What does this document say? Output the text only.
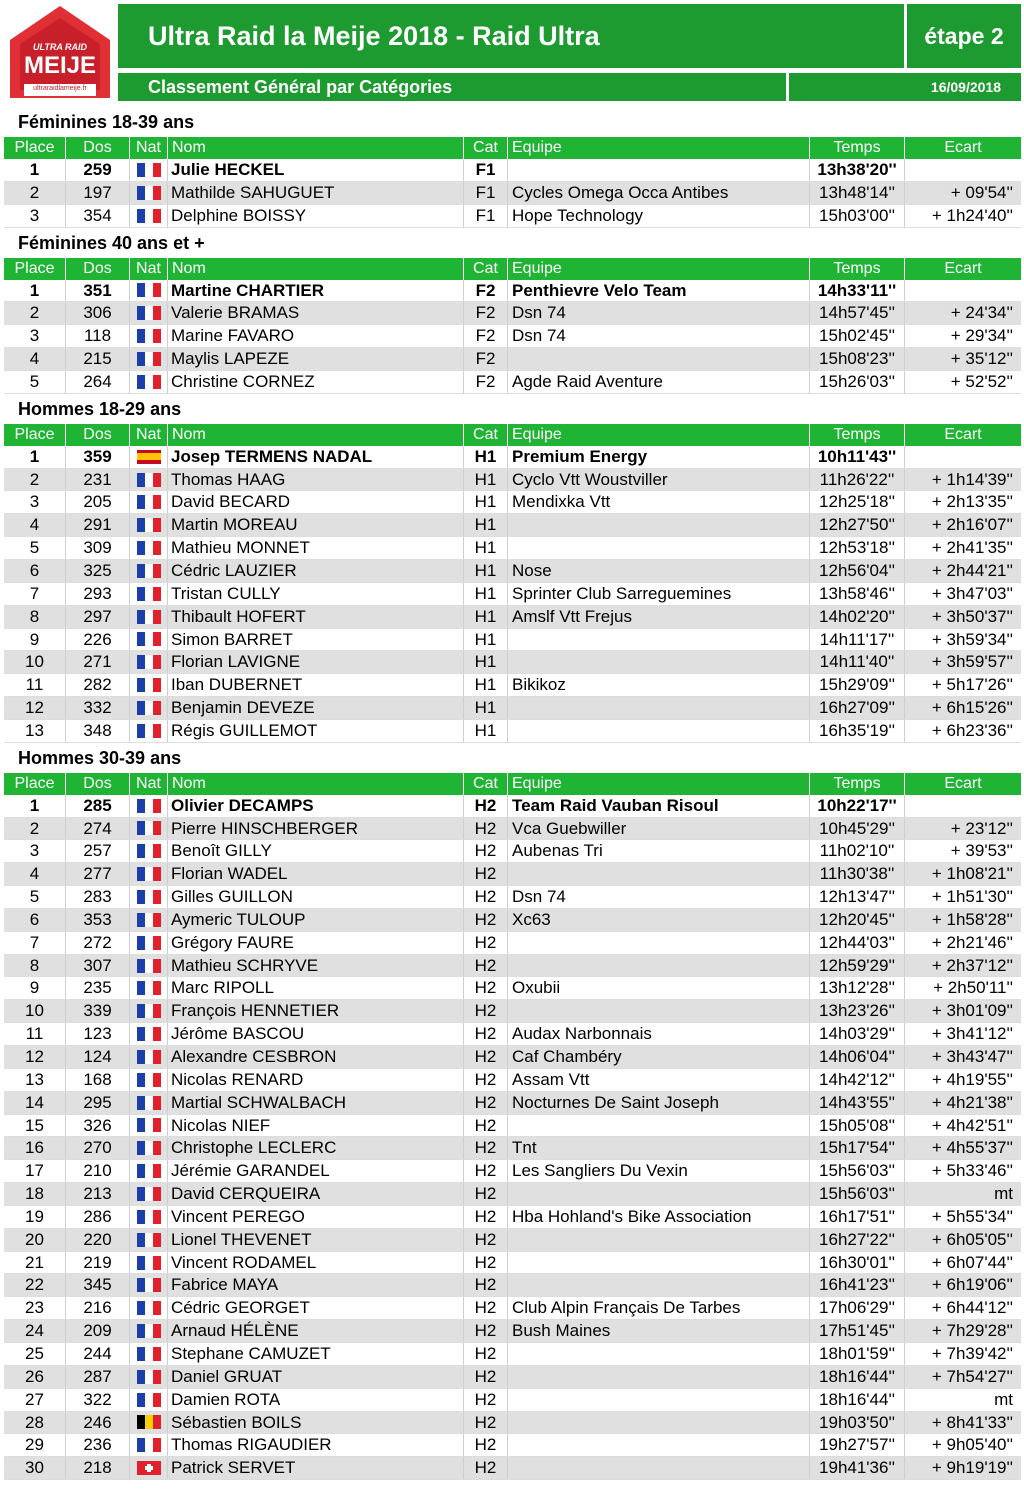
ULTRA RAID
MEIJE
ultraraidlameije.fr
Ultra Raid la Meije 2018 - Raid Ultra	étape 2
Classement Général par Catégories	16/09/2018
Féminines 18-39 ans
Place	Dos	Nat Nom	Cat Equipe	Temps	Ecart
1	259	Julie HECKEL	F1	13h38'20''
2	197	Mathilde SAHUGUET	F1 Cycles Omega Occa Antibes	13h48'14''	+ 09'54''
3	354	Delphine BOISSY	F1 Hope Technology	15h03'00''	+ 1h24'40''
Féminines 40 ans et +
Place	Dos	Nat Nom	Cat Equipe	Temps	Ecart
1	351	Martine CHARTIER	F2 Penthievre Velo Team	14h33'11''
2	306	Valerie BRAMAS	F2 Dsn 74	14h57'45''	+ 24'34''
3	118	Marine FAVARO	F2 Dsn 74	15h02'45''	+ 29'34''
4	215	Maylis LAPEZE	F2	15h08'23''	+ 35'12''
5	264	Christine CORNEZ	F2 Agde Raid Aventure	15h26'03''	+ 52'52''
Hommes 18-29 ans
Place	Dos	Nat Nom	Cat Equipe	Temps	Ecart
1	359	Josep TERMENS NADAL	H1 Premium Energy	10h11'43''
2	231	Thomas HAAG	H1 Cyclo Vtt Woustviller	11h26'22''	+ 1h14'39''
3	205	David BECARD	H1 Mendixka Vtt	12h25'18''	+ 2h13'35''
4	291	Martin MOREAU	H1	12h27'50''	+ 2h16'07''
5	309	Mathieu MONNET	H1	12h53'18''	+ 2h41'35''
6	325	Cédric LAUZIER	H1 Nose	12h56'04''	+ 2h44'21''
7	293	Tristan CULLY	H1 Sprinter Club Sarreguemines	13h58'46''	+ 3h47'03''
8	297	Thibault HOFERT	H1 Amslf Vtt Frejus	14h02'20''	+ 3h50'37''
9	226	Simon BARRET	H1	14h11'17''	+ 3h59'34''
10	271	Florian LAVIGNE	H1	14h11'40''	+ 3h59'57''
11	282	Iban DUBERNET	H1 Bikikoz	15h29'09''	+ 5h17'26''
12	332	Benjamin DEVEZE	H1	16h27'09''	+ 6h15'26''
13	348	Régis GUILLEMOT	H1	16h35'19''	+ 6h23'36''
Hommes 30-39 ans
Place	Dos	Nat Nom	Cat Equipe	Temps	Ecart
1	285	Olivier DECAMPS	H2 Team Raid Vauban Risoul	10h22'17''
2	274	Pierre HINSCHBERGER	H2 Vca Guebwiller	10h45'29''	+ 23'12''
3	257	Benoît GILLY	H2 Aubenas Tri	11h02'10''	+ 39'53''
4	277	Florian WADEL	H2	11h30'38''	+ 1h08'21''
5	283	Gilles GUILLON	H2 Dsn 74	12h13'47''	+ 1h51'30''
6	353	Aymeric TULOUP	H2 Xc63	12h20'45''	+ 1h58'28''
7	272	Grégory FAURE	H2	12h44'03''	+ 2h21'46''
8	307	Mathieu SCHRYVE	H2	12h59'29''	+ 2h37'12''
9	235	Marc RIPOLL	H2 Oxubii	13h12'28''	+ 2h50'11''
10	339	François HENNETIER	H2	13h23'26''	+ 3h01'09''
11	123	Jérôme BASCOU	H2 Audax Narbonnais	14h03'29''	+ 3h41'12''
12	124	Alexandre CESBRON	H2 Caf Chambéry	14h06'04''	+ 3h43'47''
13	168	Nicolas RENARD	H2 Assam Vtt	14h42'12''	+ 4h19'55''
14	295	Martial SCHWALBACH	H2 Nocturnes De Saint Joseph	14h43'55''	+ 4h21'38''
15	326	Nicolas NIEF	H2	15h05'08''	+ 4h42'51''
16	270	Christophe LECLERC	H2 Tnt	15h17'54''	+ 4h55'37''
17	210	Jérémie GARANDEL	H2 Les Sangliers Du Vexin	15h56'03''	+ 5h33'46''
18	213	David CERQUEIRA	H2	15h56'03''	mt
19	286	Vincent PEREGO	H2 Hba Hohland's Bike Association	16h17'51''	+ 5h55'34''
20	220	Lionel THEVENET	H2	16h27'22''	+ 6h05'05''
21	219	Vincent RODAMEL	H2	16h30'01''	+ 6h07'44''
22	345	Fabrice MAYA	H2	16h41'23''	+ 6h19'06''
23	216	Cédric GEORGET	H2 Club Alpin Français De Tarbes	17h06'29''	+ 6h44'12''
24	209	Arnaud HÉLÈNE	H2 Bush Maines	17h51'45''	+ 7h29'28''
25	244	Stephane CAMUZET	H2	18h01'59''	+ 7h39'42''
26	287	Daniel GRUAT	H2	18h16'44''	+ 7h54'27''
27	322	Damien ROTA	H2	18h16'44''	mt
28	246	Sébastien BOILS	H2	19h03'50''	+ 8h41'33''
29	236	Thomas RIGAUDIER	H2	19h27'57''	+ 9h05'40''
30	218	Patrick SERVET	H2	19h41'36''	+ 9h19'19''
